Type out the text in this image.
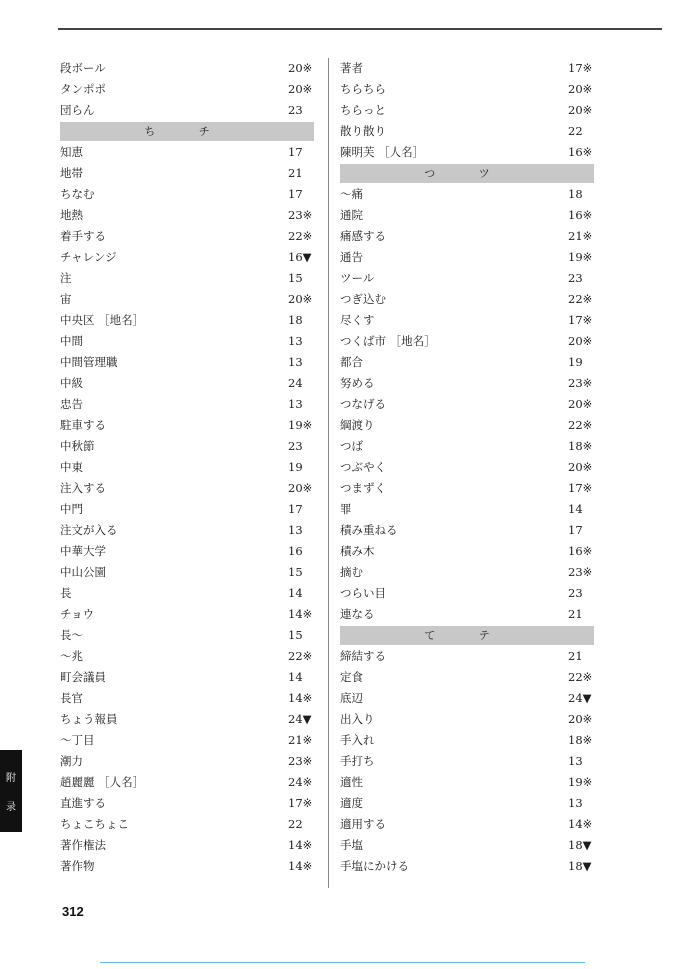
段ボール	20※
タンポポ	20※
団らん	23
ち チ
知恵	17
地帯	21
ちなむ	17
地熱	23※
着手する	22※
チャレンジ	16▼
注	15
宙	20※
中央区 ［地名］	18
中間	13
中間管理職	13
中級	24
忠告	13
駐車する	19※
中秋節	23
中東	19
注入する	20※
中門	17
注文が入る	13
中華大学	16
中山公園	15
長	14
チョウ	14※
長〜	15
〜兆	22※
町会議員	14
長官	14※
ちょう報員	24▼
〜丁目	21※
潮力	23※
趙麗麗 ［人名］	24※
直進する	17※
ちょこちょこ	22
著作権法	14※
著作物	14※
著者	17※
ちらちら	20※
ちらっと	20※
散り散り	22
陳明芙 ［人名］	16※
つ ツ
〜痛	18
通院	16※
痛感する	21※
通告	19※
ツール	23
つぎ込む	22※
尽くす	17※
つくば市 ［地名］	20※
都合	19
努める	23※
つなげる	20※
綱渡り	22※
つば	18※
つぶやく	20※
つまずく	17※
罪	14
積み重ねる	17
積み木	16※
摘む	23※
つらい目	23
連なる	21
て テ
締結する	21
定食	22※
底辺	24▼
出入り	20※
手入れ	18※
手打ち	13
適性	19※
適度	13
適用する	14※
手塩	18▼
手塩にかける	18▼
附
录
312
